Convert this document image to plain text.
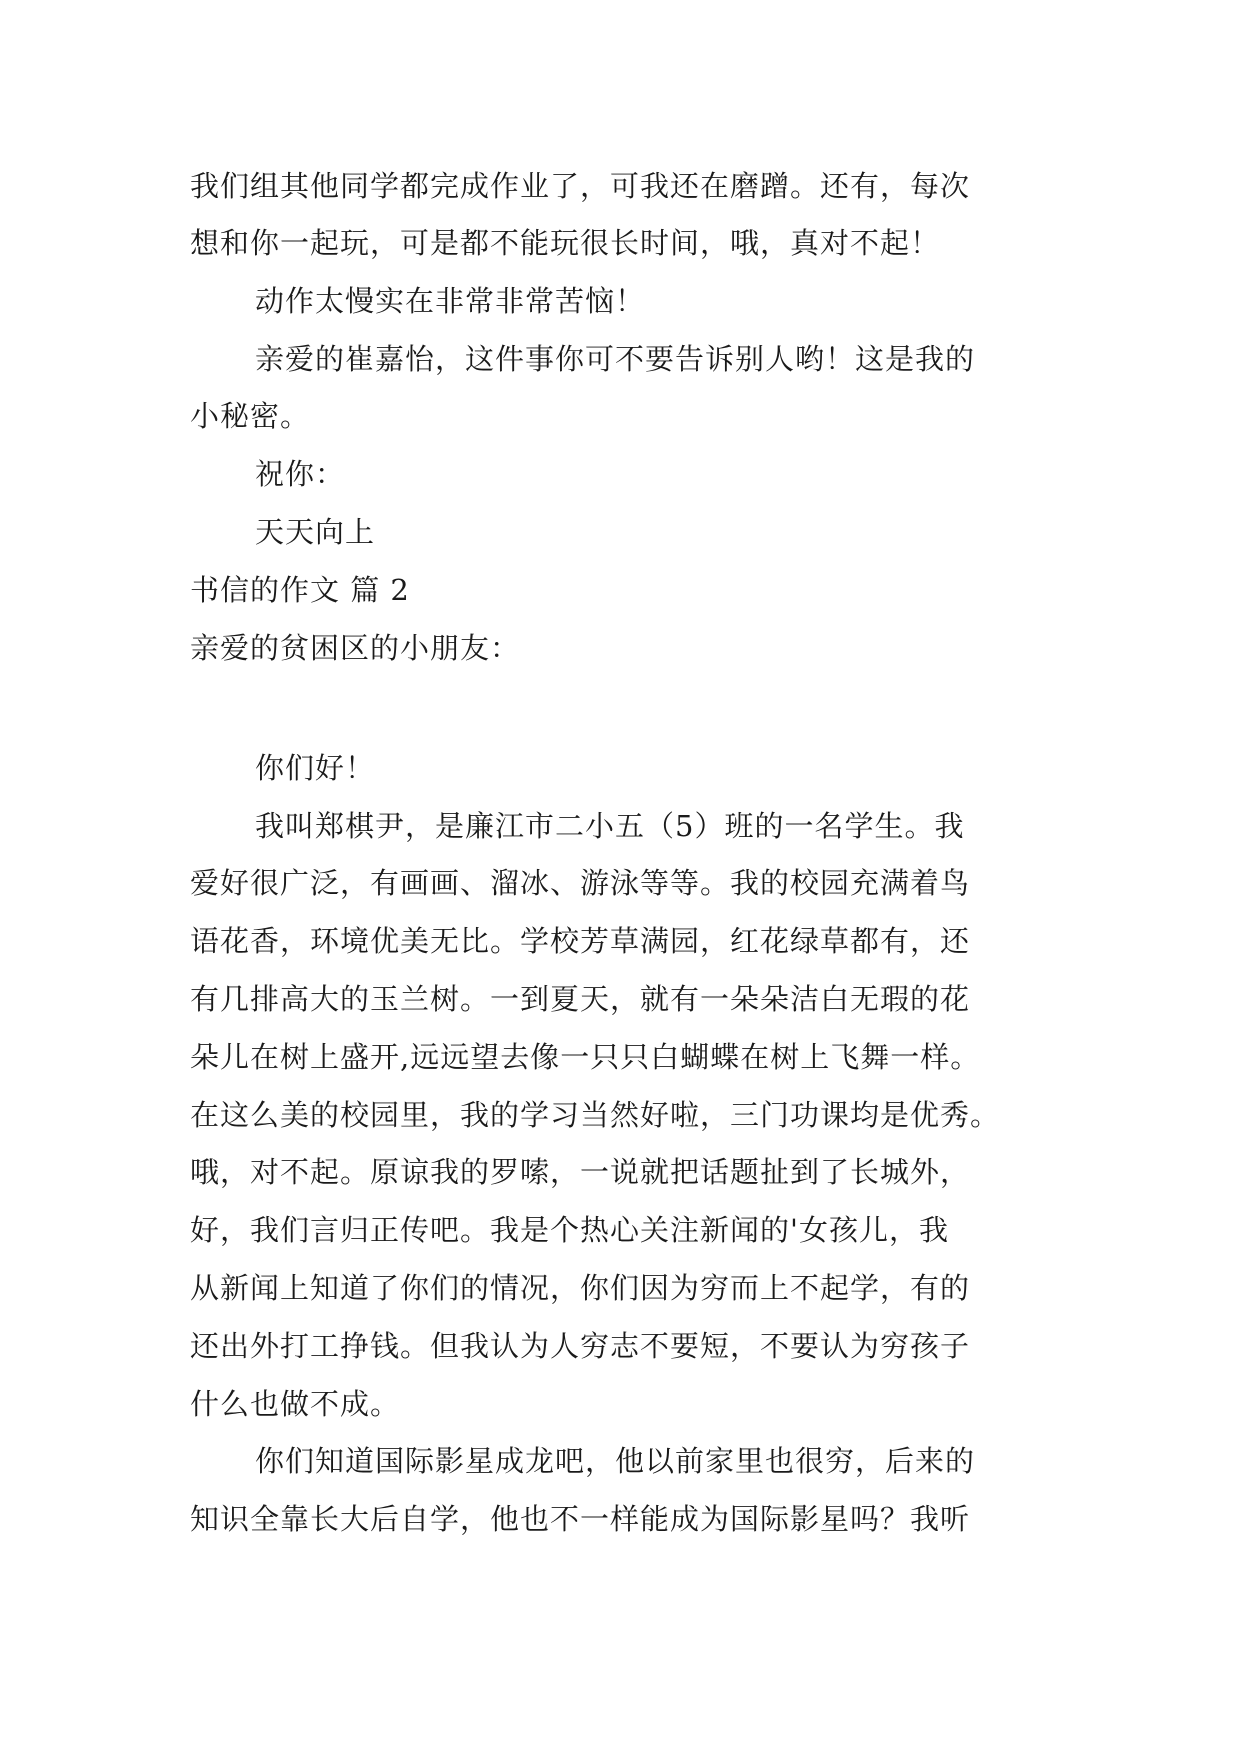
我们组其他同学都完成作业了，可我还在磨蹭。还有，每次
想和你一起玩，可是都不能玩很长时间，哦，真对不起！
动作太慢实在非常非常苦恼！
亲爱的崔嘉怡，这件事你可不要告诉别人哟！这是我的
小秘密。
祝你：
天天向上
书信的作文 篇 2
亲爱的贫困区的小朋友：
你们好！
我叫郑棋尹，是廉江市二小五（5）班的一名学生。我
爱好很广泛，有画画、溜冰、游泳等等。我的校园充满着鸟
语花香，环境优美无比。学校芳草满园，红花绿草都有，还
有几排高大的玉兰树。一到夏天，就有一朵朵洁白无瑕的花
朵儿在树上盛开,远远望去像一只只白蝴蝶在树上飞舞一样。
在这么美的校园里，我的学习当然好啦，三门功课均是优秀。
哦，对不起。原谅我的罗嗦，一说就把话题扯到了长城外，
好，我们言归正传吧。我是个热心关注新闻的'女孩儿，我
从新闻上知道了你们的情况，你们因为穷而上不起学，有的
还出外打工挣钱。但我认为人穷志不要短，不要认为穷孩子
什么也做不成。
你们知道国际影星成龙吧，他以前家里也很穷，后来的
知识全靠长大后自学，他也不一样能成为国际影星吗？我听
